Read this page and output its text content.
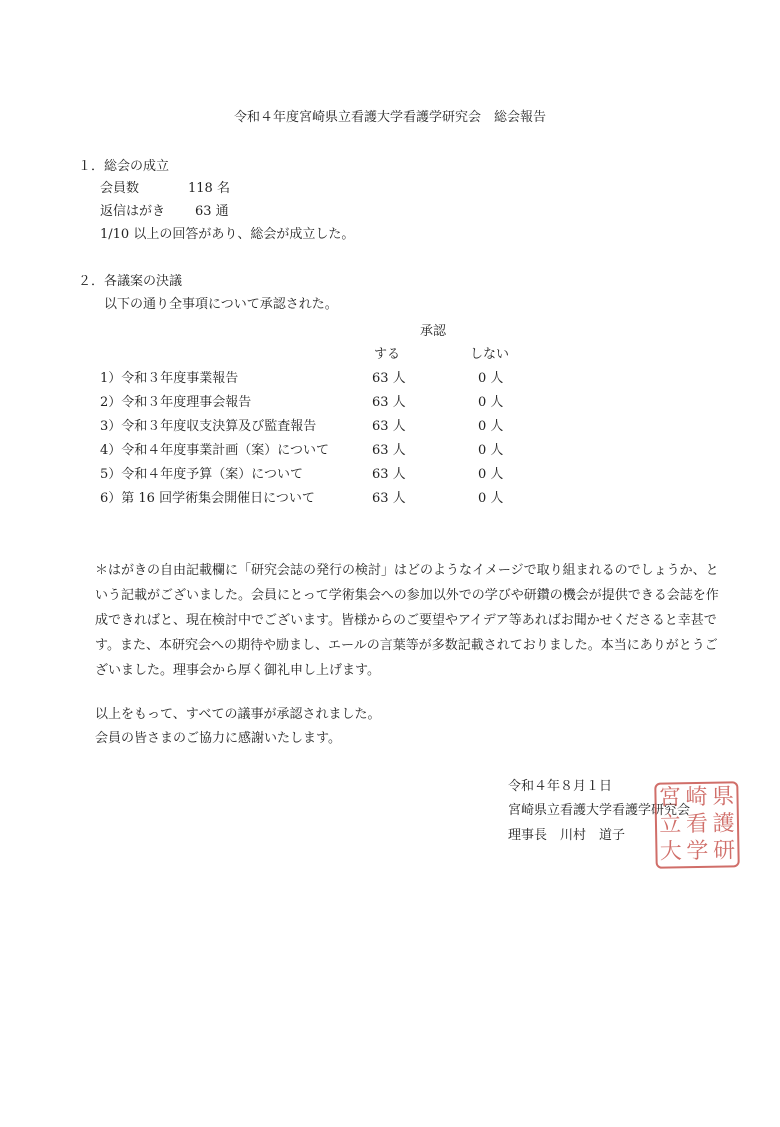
令和４年度宮崎県立看護大学看護学研究会　総会報告
１．総会の成立
会員数	118 名
返信はがき 63 通
1/10 以上の回答があり、総会が成立した。
２．各議案の決議
以下の通り全事項について承認された。
承認
する	しない
1）令和３年度事業報告	63 人	0 人
2）令和３年度理事会報告	63 人	0 人
3）令和３年度収支決算及び監査報告	63 人	0 人
4）令和４年度事業計画（案）について	63 人	0 人
5）令和４年度予算（案）について	63 人	0 人
6）第 16 回学術集会開催日について	63 人	0 人
＊はがきの自由記載欄に「研究会誌の発行の検討」はどのようなイメージで取り組まれるのでしょうか、という記載がございました。会員にとって学術集会への参加以外での学びや研鑽の機会が提供できる会誌を作成できればと、現在検討中でございます。皆様からのご要望やアイデア等あればお聞かせくださると幸甚です。また、本研究会への期待や励まし、エールの言葉等が多数記載されておりました。本当にありがとうございました。理事会から厚く御礼申し上げます。
以上をもって、すべての議事が承認されました。
会員の皆さまのご協力に感謝いたします。
令和４年８月１日
宮崎県立看護大学看護学研究会
理事長　川村　道子
宮 崎 県
立 看 護
大 学 研
